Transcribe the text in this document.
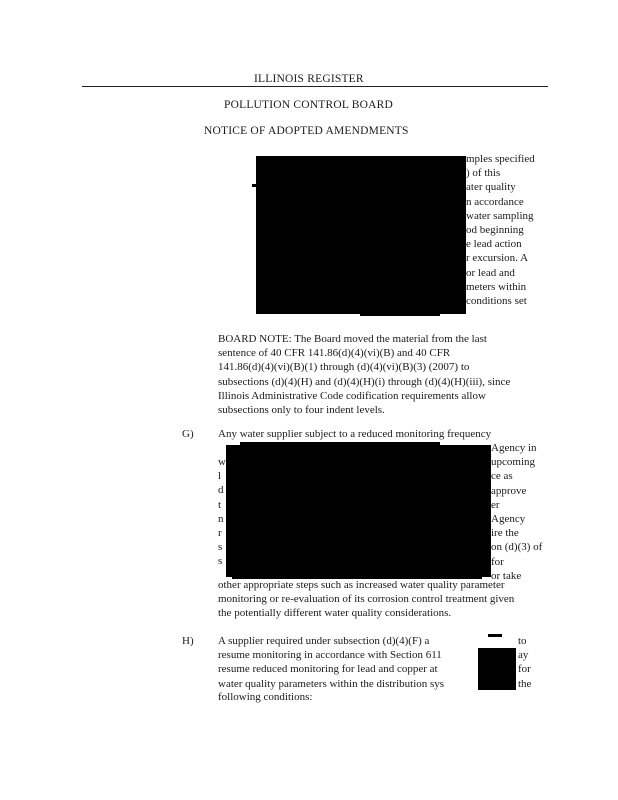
ILLINOIS REGISTER
POLLUTION CONTROL BOARD
NOTICE OF ADOPTED AMENDMENTS
mples specified
) of this
ater quality
n accordance
water sampling
od beginning
e lead action
r excursion. A
or lead and
meters within
conditions set
BOARD NOTE: The Board moved the material from the last
sentence of 40 CFR 141.86(d)(4)(vi)(B) and 40 CFR
141.86(d)(4)(vi)(B)(1) through (d)(4)(vi)(B)(3) (2007) to
subsections (d)(4)(H) and (d)(4)(H)(i) through (d)(4)(H)(iii), since
Illinois Administrative Code codification requirements allow
subsections only to four indent levels.
G) Any water supplier subject to a reduced monitoring frequency
Agency in
upcoming
ce as
approve
er
Agency
ire the
on (d)(3) of
for
or take
w
l
d
t
n
r
s
s
other appropriate steps such as increased water quality parameter
monitoring or re-evaluation of its corrosion control treatment given
the potentially different water quality considerations.
H) A supplier required under subsection (d)(4)(F) a
resume monitoring in accordance with Section 611
resume reduced monitoring for lead and copper at
water quality parameters within the distribution sys
to
ay
for
the
following conditions:
